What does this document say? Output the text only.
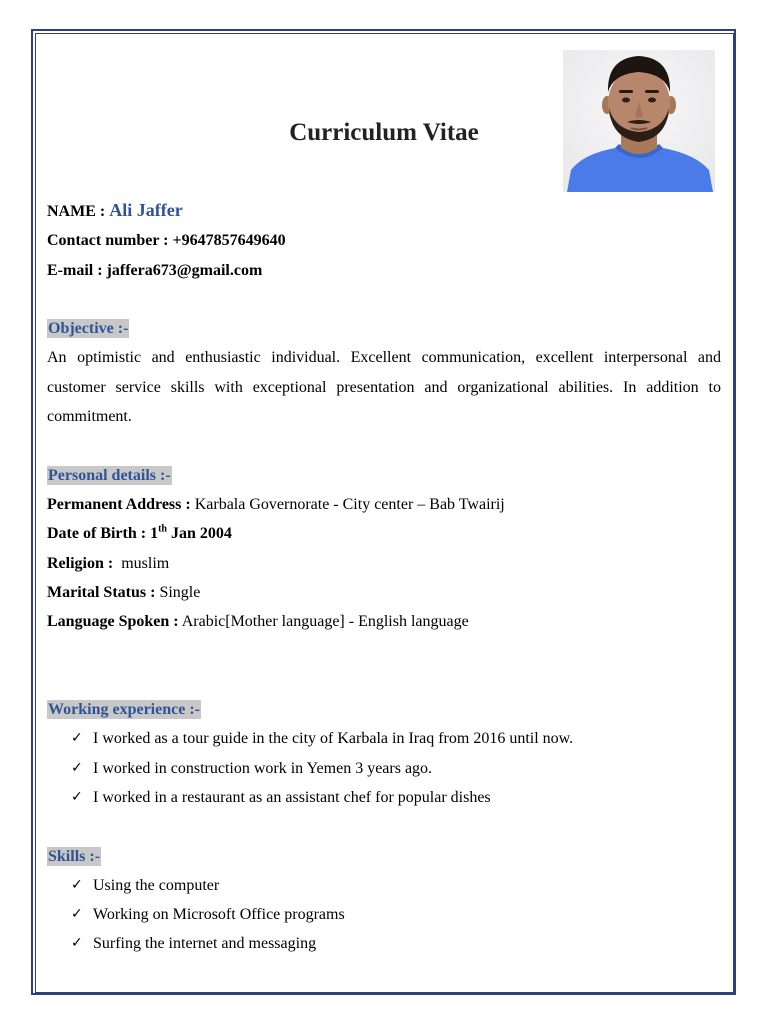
Curriculum Vitae

NAME : Ali Jaffer

Contact number : +9647857649640

E-mail : jaffera673@gmail.com

Objective :-

An optimistic and enthusiastic individual. Excellent communication, excellent interpersonal and customer service skills with exceptional presentation and organizational abilities. In addition to commitment.

Personal details :-

Permanent Address : Karbala Governorate - City center – Bab Twairij

Date of Birth : 1th Jan 2004

Religion : muslim

Marital Status : Single

Language Spoken : Arabic[Mother language] - English language

Working experience :-

✓ I worked as a tour guide in the city of Karbala in Iraq from 2016 until now.
✓ I worked in construction work in Yemen 3 years ago.
✓ I worked in a restaurant as an assistant chef for popular dishes

Skills :-

✓ Using the computer
✓ Working on Microsoft Office programs
✓ Surfing the internet and messaging
